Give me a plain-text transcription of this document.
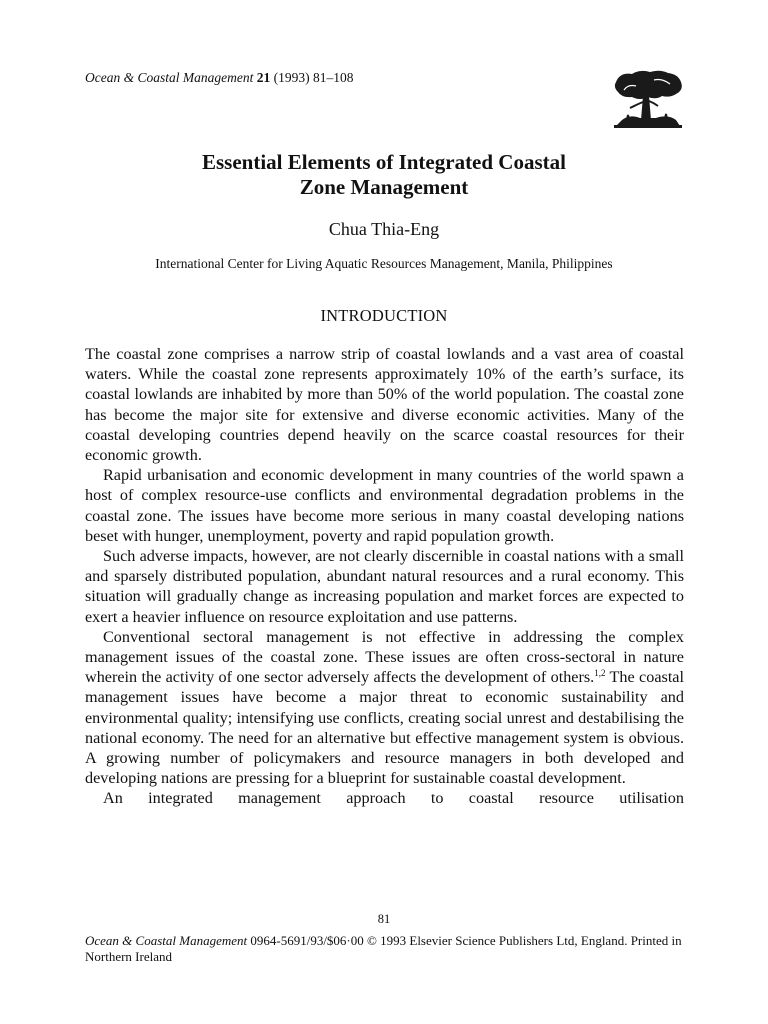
Ocean & Coastal Management 21 (1993) 81–108
Essential Elements of Integrated Coastal
Zone Management
Chua Thia-Eng
International Center for Living Aquatic Resources Management, Manila, Philippines
INTRODUCTION

The coastal zone comprises a narrow strip of coastal lowlands and a vast area of coastal waters. While the coastal zone represents approximately 10% of the earth’s surface, its coastal lowlands are inhabited by more than 50% of the world population. The coastal zone has become the major site for extensive and diverse economic activities. Many of the coastal developing countries depend heavily on the scarce coastal resources for their economic growth.

Rapid urbanisation and economic development in many countries of the world spawn a host of complex resource-use conflicts and environmental degradation problems in the coastal zone. The issues have become more serious in many coastal developing nations beset with hunger, unemployment, poverty and rapid population growth.

Such adverse impacts, however, are not clearly discernible in coastal nations with a small and sparsely distributed population, abundant natural resources and a rural economy. This situation will gradually change as increasing population and market forces are expected to exert a heavier influence on resource exploitation and use patterns.

Conventional sectoral management is not effective in addressing the complex management issues of the coastal zone. These issues are often cross-sectoral in nature wherein the activity of one sector adversely affects the development of others.$^{1,2}$ The coastal management issues have become a major threat to economic sustainability and environmental quality; intensifying use conflicts, creating social unrest and destabilising the national economy. The need for an alternative but effective management system is obvious. A growing number of policymakers and resource managers in both developed and developing nations are pressing for a blueprint for sustainable coastal development.

An integrated management approach to coastal resource utilisation

81
Ocean & Coastal Management 0964-5691/93/$06·00 © 1993 Elsevier Science Publishers Ltd, England. Printed in Northern Ireland
